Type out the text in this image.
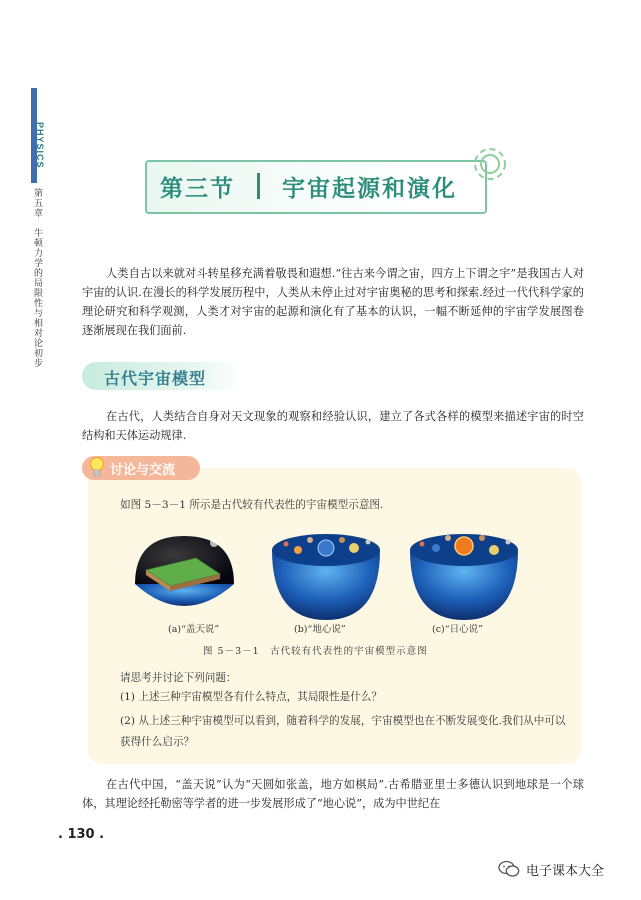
PHYSICS
第五章　牛顿力学的局限性与相对论初步	第三节 宇宙起源和演化
人类自古以来就对斗转星移充满着敬畏和遐想.“往古来今谓之宙，四方上下谓之宇”是我国古人对宇宙的认识.在漫长的科学发展历程中，人类从未停止过对宇宙奥秘的思考和探索.经过一代代科学家的理论研究和科学观测，人类才对宇宙的起源和演化有了基本的认识，一幅不断延伸的宇宙学发展图卷逐渐展现在我们面前.
古代宇宙模型
在古代，人类结合自身对天文现象的观察和经验认识，建立了各式各样的模型来描述宇宙的时空结构和天体运动规律.
讨论与交流
如图 5－3－1 所示是古代较有代表性的宇宙模型示意图.
(a)“盖天说”	(b)“地心说”	(c)“日心说”
图 5－3－1　古代较有代表性的宇宙模型示意图
请思考并讨论下列问题：
(1) 上述三种宇宙模型各有什么特点，其局限性是什么？
(2) 从上述三种宇宙模型可以看到，随着科学的发展，宇宙模型也在不断发展变化.我们从中可以获得什么启示？
在古代中国，“盖天说”认为“天圆如张盖，地方如棋局”.古希腊亚里士多德认识到地球是一个球体，其理论经托勒密等学者的进一步发展形成了“地心说”，成为中世纪在
. 130 .
电子课本大全
